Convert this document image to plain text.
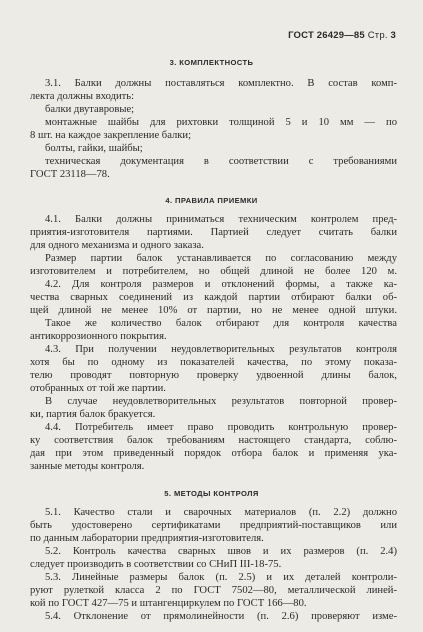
ГОСТ 26429—85 Стр. 3
3. КОМПЛЕКТНОСТЬ
3.1. Балки должны поставляться комплектно. В состав комп-
лекта должны входить:
балки двутавровые;
монтажные шайбы для рихтовки толщиной 5 и 10 мм — по
8 шт. на каждое закрепление балки;
болты, гайки, шайбы;
техническая документация в соответствии с требованиями
ГОСТ 23118—78.
4. ПРАВИЛА ПРИЕМКИ
4.1. Балки должны приниматься техническим контролем пред-
приятия-изготовителя партиями. Партией следует считать балки
для одного механизма и одного заказа.
Размер партии балок устанавливается по согласованию между
изготовителем и потребителем, но общей длиной не более 120 м.
4.2. Для контроля размеров и отклонений формы, а также ка-
чества сварных соединений из каждой партии отбирают балки об-
щей длиной не менее 10% от партии, но не менее одной штуки.
Такое же количество балок отбирают для контроля качества
антикоррозионного покрытия.
4.3. При получении неудовлетворительных результатов контроля
хотя бы по одному из показателей качества, по этому показа-
телю проводят повторную проверку удвоенной длины балок,
отобранных от той же партии.
В случае неудовлетворительных результатов повторной провер-
ки, партия балок бракуется.
4.4. Потребитель имеет право проводить контрольную провер-
ку соответствия балок требованиям настоящего стандарта, соблю-
дая при этом приведенный порядок отбора балок и применяя ука-
занные методы контроля.
5. МЕТОДЫ КОНТРОЛЯ
5.1. Качество стали и сварочных материалов (п. 2.2) должно
быть удостоверено сертификатами предприятий-поставщиков или
по данным лаборатории предприятия-изготовителя.
5.2. Контроль качества сварных швов и их размеров (п. 2.4)
следует производить в соответствии со СНиП III-18-75.
5.3. Линейные размеры балок (п. 2.5) и их деталей контроли-
руют рулеткой класса 2 по ГОСТ 7502—80, металлической линей-
кой по ГОСТ 427—75 и штангенциркулем по ГОСТ 166—80.
5.4. Отклонение от прямолинейности (п. 2.6) проверяют изме-
